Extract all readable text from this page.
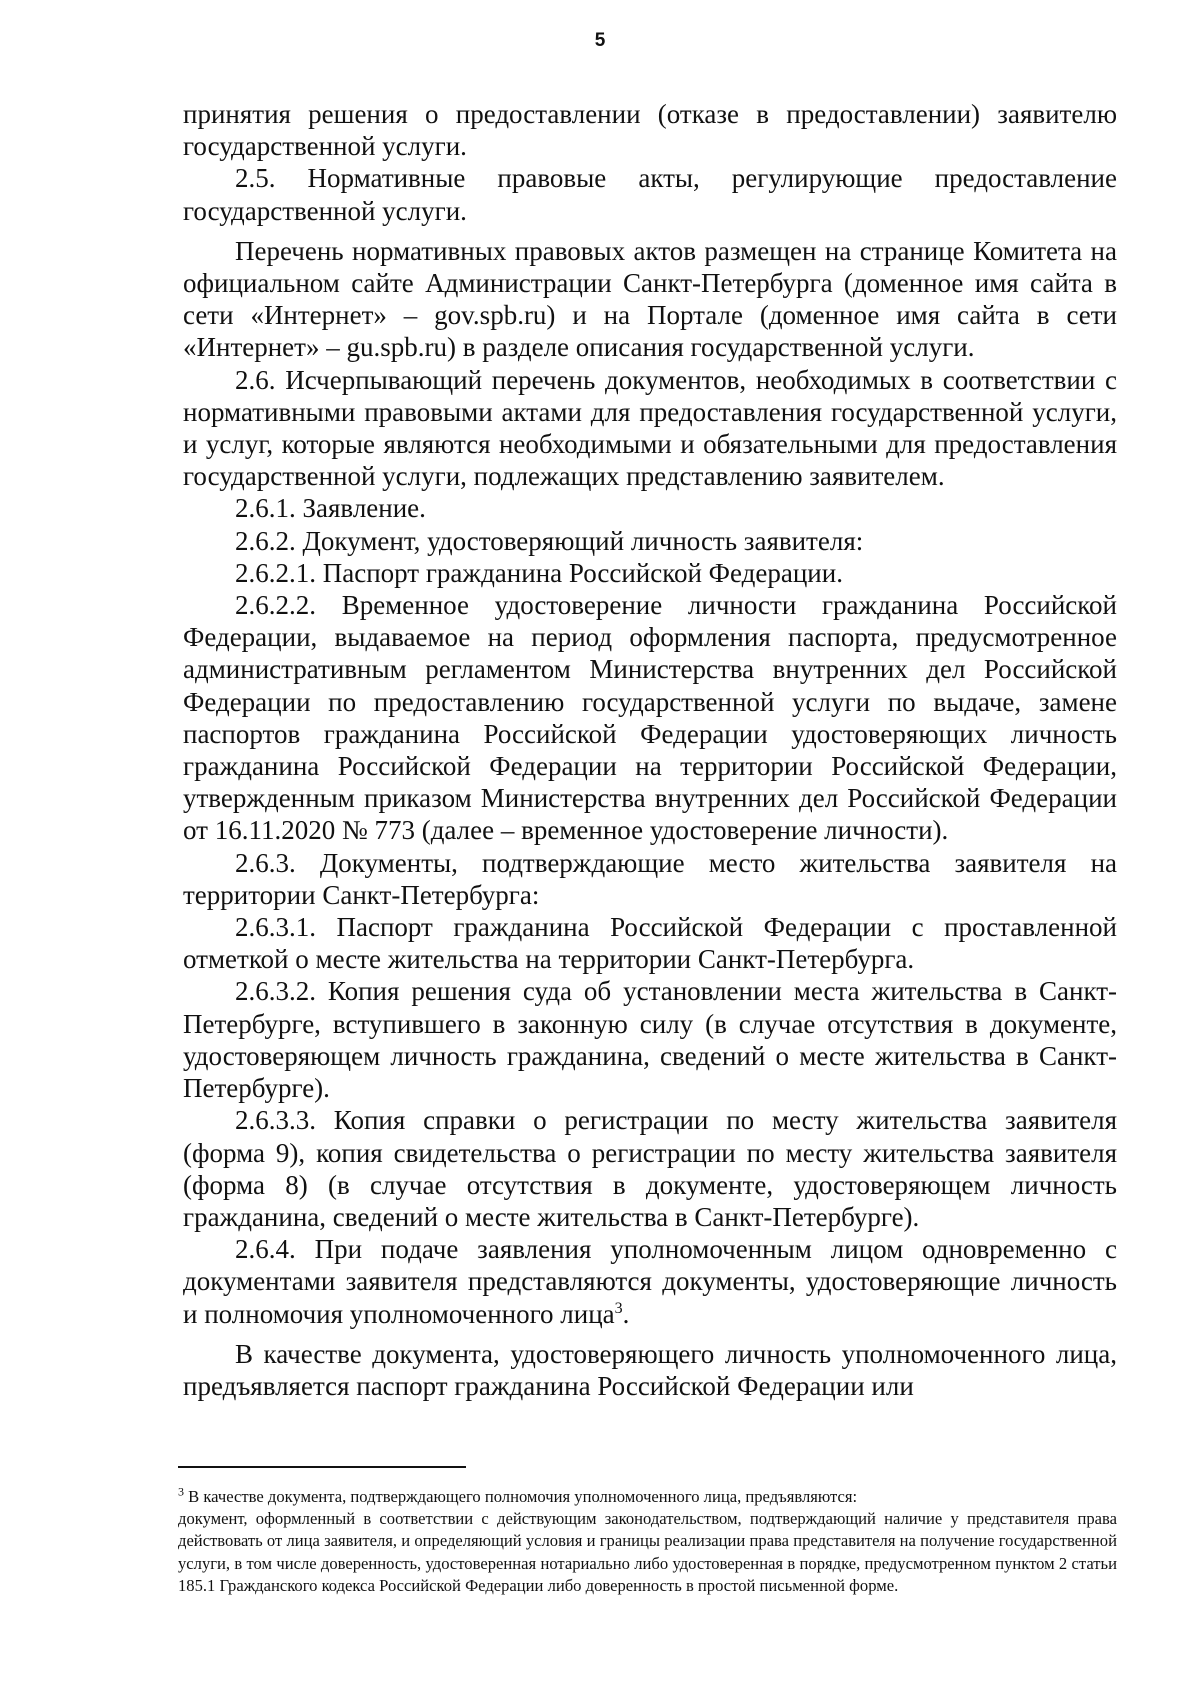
5

принятия решения о предоставлении (отказе в предоставлении) заявителю государственной услуги.

2.5. Нормативные правовые акты, регулирующие предоставление государственной услуги.

Перечень нормативных правовых актов размещен на странице Комитета на официальном сайте Администрации Санкт-Петербурга (доменное имя сайта в сети «Интернет» – gov.spb.ru) и на Портале (доменное имя сайта в сети «Интернет» – gu.spb.ru) в разделе описания государственной услуги.

2.6. Исчерпывающий перечень документов, необходимых в соответствии с нормативными правовыми актами для предоставления государственной услуги, и услуг, которые являются необходимыми и обязательными для предоставления государственной услуги, подлежащих представлению заявителем.

2.6.1. Заявление.

2.6.2. Документ, удостоверяющий личность заявителя:

2.6.2.1. Паспорт гражданина Российской Федерации.

2.6.2.2. Временное удостоверение личности гражданина Российской Федерации, выдаваемое на период оформления паспорта, предусмотренное административным регламентом Министерства внутренних дел Российской Федерации по предоставлению государственной услуги по выдаче, замене паспортов гражданина Российской Федерации удостоверяющих личность гражданина Российской Федерации на территории Российской Федерации, утвержденным приказом Министерства внутренних дел Российской Федерации от 16.11.2020 № 773 (далее – временное удостоверение личности).

2.6.3. Документы, подтверждающие место жительства заявителя на территории Санкт-Петербурга:

2.6.3.1. Паспорт гражданина Российской Федерации с проставленной отметкой о месте жительства на территории Санкт-Петербурга.

2.6.3.2. Копия решения суда об установлении места жительства в Санкт-Петербурге, вступившего в законную силу (в случае отсутствия в документе, удостоверяющем личность гражданина, сведений о месте жительства в Санкт-Петербурге).

2.6.3.3. Копия справки о регистрации по месту жительства заявителя (форма 9), копия свидетельства о регистрации по месту жительства заявителя (форма 8) (в случае отсутствия в документе, удостоверяющем личность гражданина, сведений о месте жительства в Санкт-Петербурге).

2.6.4. При подаче заявления уполномоченным лицом одновременно с документами заявителя представляются документы, удостоверяющие личность и полномочия уполномоченного лица$^3$.

В качестве документа, удостоверяющего личность уполномоченного лица, предъявляется паспорт гражданина Российской Федерации или

$^3$ В качестве документа, подтверждающего полномочия уполномоченного лица, предъявляются:

документ, оформленный в соответствии с действующим законодательством, подтверждающий наличие у представителя права действовать от лица заявителя, и определяющий условия и границы реализации права представителя на получение государственной услуги, в том числе доверенность, удостоверенная нотариально либо удостоверенная в порядке, предусмотренном пунктом 2 статьи 185.1 Гражданского кодекса Российской Федерации либо доверенность в простой письменной форме.
